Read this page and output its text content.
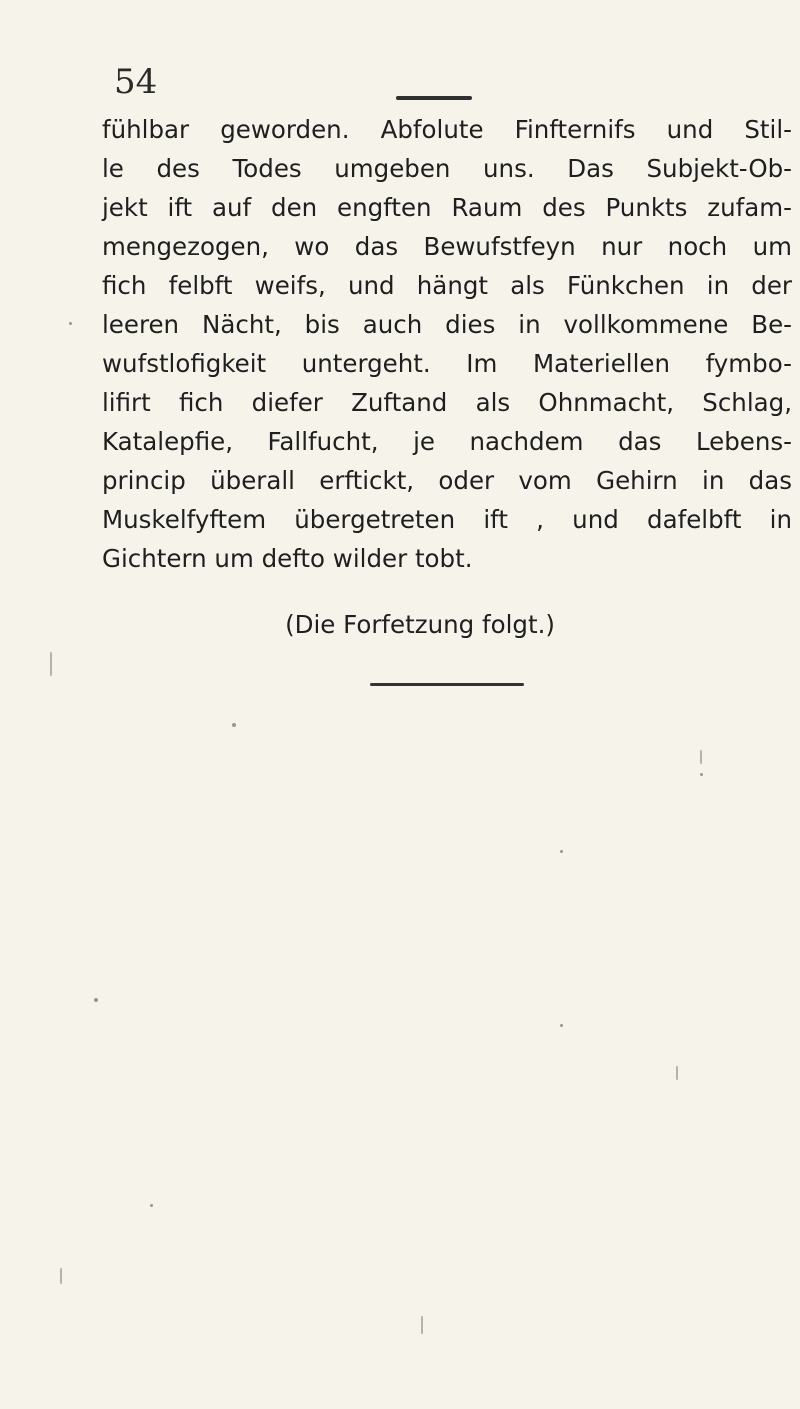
54
fühlbar geworden. Abfolute Finfternifs und Stil-
le des Todes umgeben uns. Das Subjekt-Ob-
jekt ift auf den engften Raum des Punkts zufam-
mengezogen, wo das Bewufstfeyn nur noch um
fich felbft weifs, und hängt als Fünkchen in der
leeren Nächt, bis auch dies in vollkommene Be-
wufstlofigkeit untergeht. Im Materiellen fymbo-
lifirt fich diefer Zuftand als Ohnmacht, Schlag,
Katalepfie, Fallfucht, je nachdem das Lebens-
princip überall erftickt, oder vom Gehirn in das
Muskelfyftem übergetreten ift , und dafelbft in
Gichtern um defto wilder tobt.
(Die Forfetzung folgt.)
